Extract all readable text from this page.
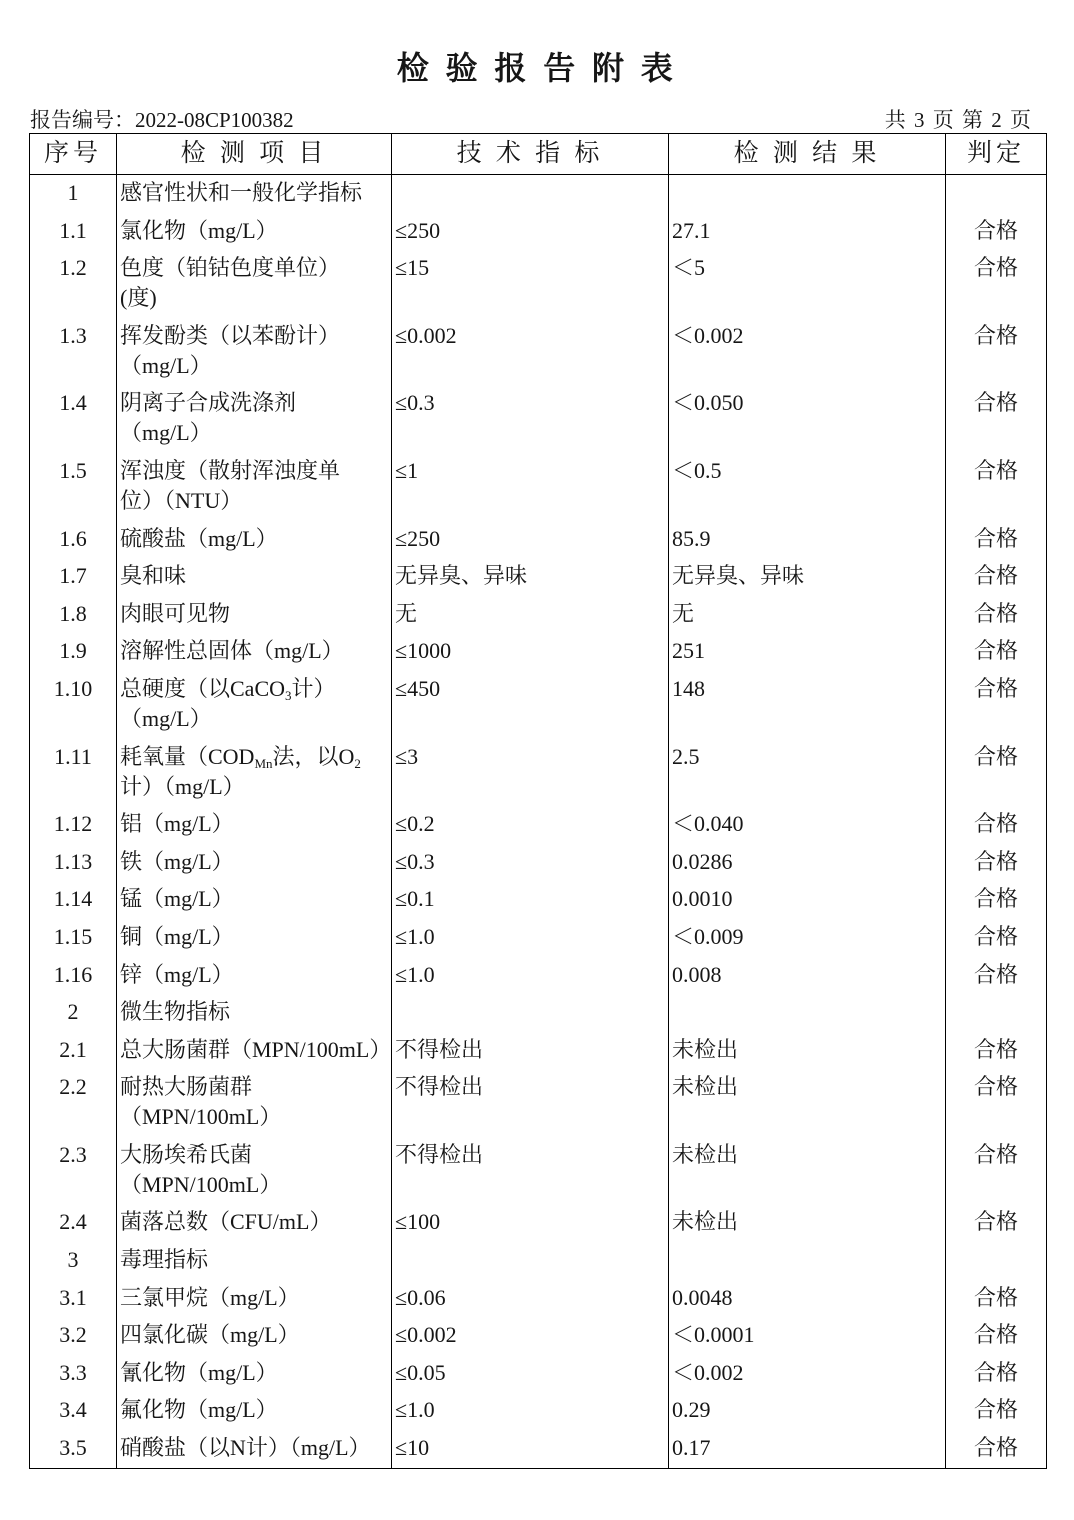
检 验 报 告 附 表
报告编号：2022-08CP100382	共 3 页 第 2 页
序号	检 测 项 目	技 术 指 标	检 测 结 果	判定
1	感官性状和一般化学指标			

1.1	氯化物（mg/L）	≤250	27.1	合格
1.2	色度（铂钴色度单位）
(度)	≤15	＜5	合格
1.3	挥发酚类（以苯酚计）
（mg/L）	≤0.002	＜0.002	合格
1.4	阴离子合成洗涤剂
（mg/L）	≤0.3	＜0.050	合格
1.5	浑浊度（散射浑浊度单
位）（NTU）	≤1	＜0.5	合格
1.6	硫酸盐（mg/L）	≤250	85.9	合格
1.7	臭和味	无异臭、异味	无异臭、异味	合格
1.8	肉眼可见物	无	无	合格
1.9	溶解性总固体（mg/L）	≤1000	251	合格
1.10	总硬度（以CaCO3计）
（mg/L）	≤450	148	合格
1.11	耗氧量（CODMn法，以O2
计）（mg/L）	≤3	2.5	合格
1.12	铝（mg/L）	≤0.2	＜0.040	合格
1.13	铁（mg/L）	≤0.3	0.0286	合格
1.14	锰（mg/L）	≤0.1	0.0010	合格
1.15	铜（mg/L）	≤1.0	＜0.009	合格
1.16	锌（mg/L）	≤1.0	0.008	合格
2	微生物指标			

2.1	总大肠菌群（MPN/100mL）	不得检出	未检出	合格
2.2	耐热大肠菌群
（MPN/100mL）	不得检出	未检出	合格
2.3	大肠埃希氏菌
（MPN/100mL）	不得检出	未检出	合格
2.4	菌落总数（CFU/mL）	≤100	未检出	合格
3	毒理指标			

3.1	三氯甲烷（mg/L）	≤0.06	0.0048	合格
3.2	四氯化碳（mg/L）	≤0.002	＜0.0001	合格
3.3	氰化物（mg/L）	≤0.05	＜0.002	合格
3.4	氟化物（mg/L）	≤1.0	0.29	合格
3.5	硝酸盐（以N计）（mg/L）	≤10	0.17	合格
